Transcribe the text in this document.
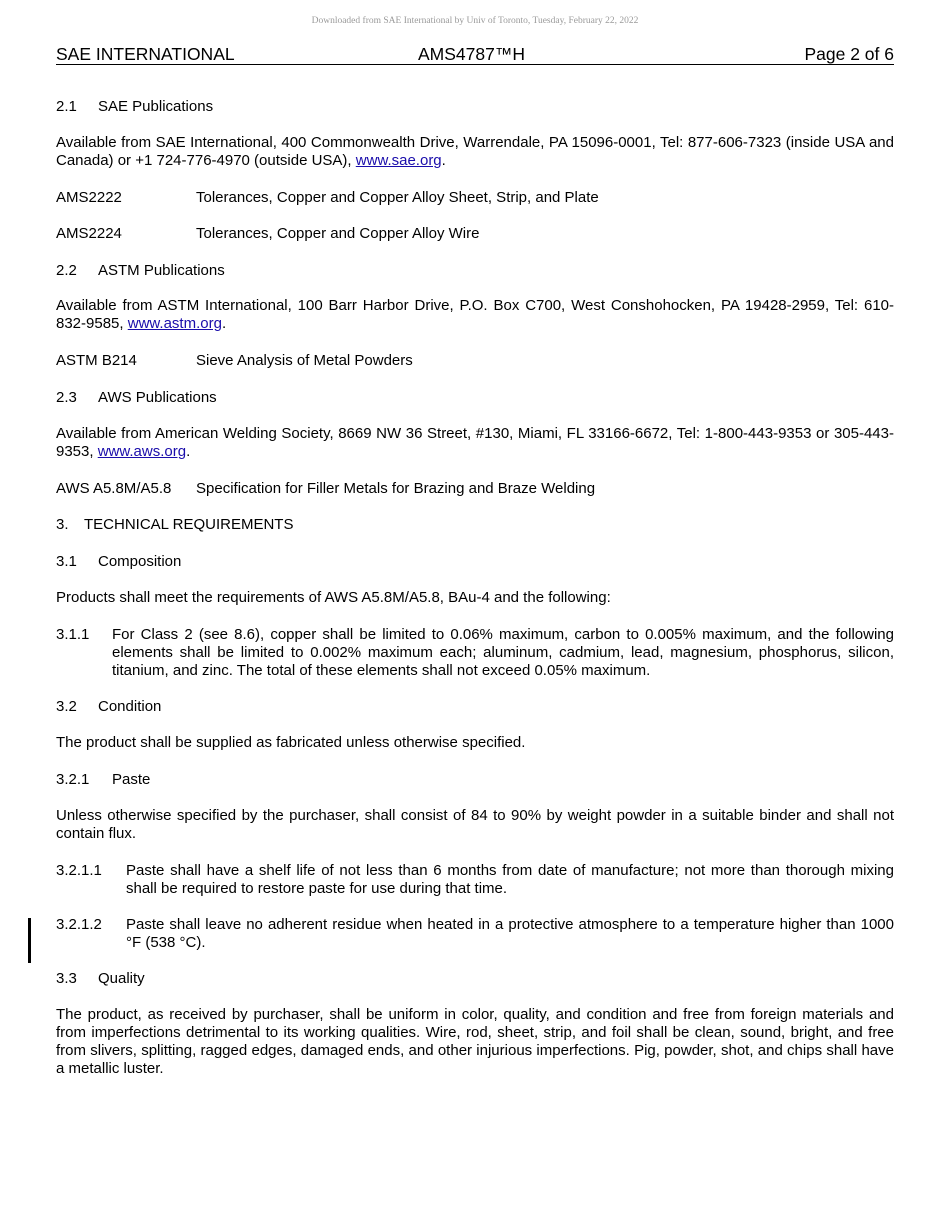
Downloaded from SAE International by Univ of Toronto, Tuesday, February 22, 2022
SAE INTERNATIONAL	AMS4787™H	Page 2 of 6

2.1 SAE Publications

Available from SAE International, 400 Commonwealth Drive, Warrendale, PA 15096-0001, Tel: 877-606-7323 (inside USA and Canada) or +1 724-776-4970 (outside USA), www.sae.org.

AMS2222	Tolerances, Copper and Copper Alloy Sheet, Strip, and Plate
AMS2224	Tolerances, Copper and Copper Alloy Wire

2.2 ASTM Publications

Available from ASTM International, 100 Barr Harbor Drive, P.O. Box C700, West Conshohocken, PA 19428-2959, Tel: 610-832-9585, www.astm.org.

ASTM B214	Sieve Analysis of Metal Powders

2.3 AWS Publications

Available from American Welding Society, 8669 NW 36 Street, #130, Miami, FL 33166-6672, Tel: 1-800-443-9353 or 305-443-9353, www.aws.org.

AWS A5.8M/A5.8 Specification for Filler Metals for Brazing and Braze Welding

3. TECHNICAL REQUIREMENTS

3.1 Composition

Products shall meet the requirements of AWS A5.8M/A5.8, BAu-4 and the following:

3.1.1 For Class 2 (see 8.6), copper shall be limited to 0.06% maximum, carbon to 0.005% maximum, and the following elements shall be limited to 0.002% maximum each; aluminum, cadmium, lead, magnesium, phosphorus, silicon, titanium, and zinc. The total of these elements shall not exceed 0.05% maximum.

3.2 Condition

The product shall be supplied as fabricated unless otherwise specified.

3.2.1 Paste

Unless otherwise specified by the purchaser, shall consist of 84 to 90% by weight powder in a suitable binder and shall not contain flux.

3.2.1.1 Paste shall have a shelf life of not less than 6 months from date of manufacture; not more than thorough mixing shall be required to restore paste for use during that time.
3.2.1.2 Paste shall leave no adherent residue when heated in a protective atmosphere to a temperature higher than 1000 °F (538 °C).

3.3 Quality

The product, as received by purchaser, shall be uniform in color, quality, and condition and free from foreign materials and from imperfections detrimental to its working qualities. Wire, rod, sheet, strip, and foil shall be clean, sound, bright, and free from slivers, splitting, ragged edges, damaged ends, and other injurious imperfections. Pig, powder, shot, and chips shall have a metallic luster.
